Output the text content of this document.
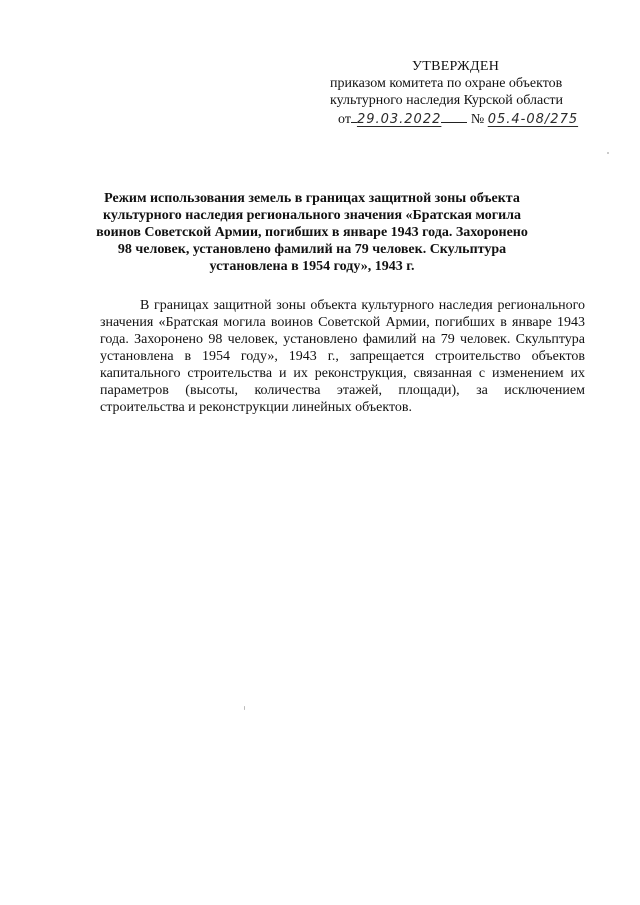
УТВЕРЖДЕН
приказом комитета по охране объектов
культурного наследия Курской области
от 29.03.2022 № 05.4-08/275
Режим использования земель в границах защитной зоны объекта
культурного наследия регионального значения «Братская могила
воинов Советской Армии, погибших в январе 1943 года. Захоронено
98 человек, установлено фамилий на 79 человек. Скульптура
установлена в 1954 году», 1943 г.

В границах защитной зоны объекта культурного наследия регионального значения «Братская могила воинов Советской Армии, погибших в январе 1943 года. Захоронено 98 человек, установлено фамилий на 79 человек. Скульптура установлена в 1954 году», 1943 г., запрещается строительство объектов капитального строительства и их реконструкция, связанная с изменением их параметров (высоты, количества этажей, площади), за исключением строительства и реконструкции линейных объектов.
